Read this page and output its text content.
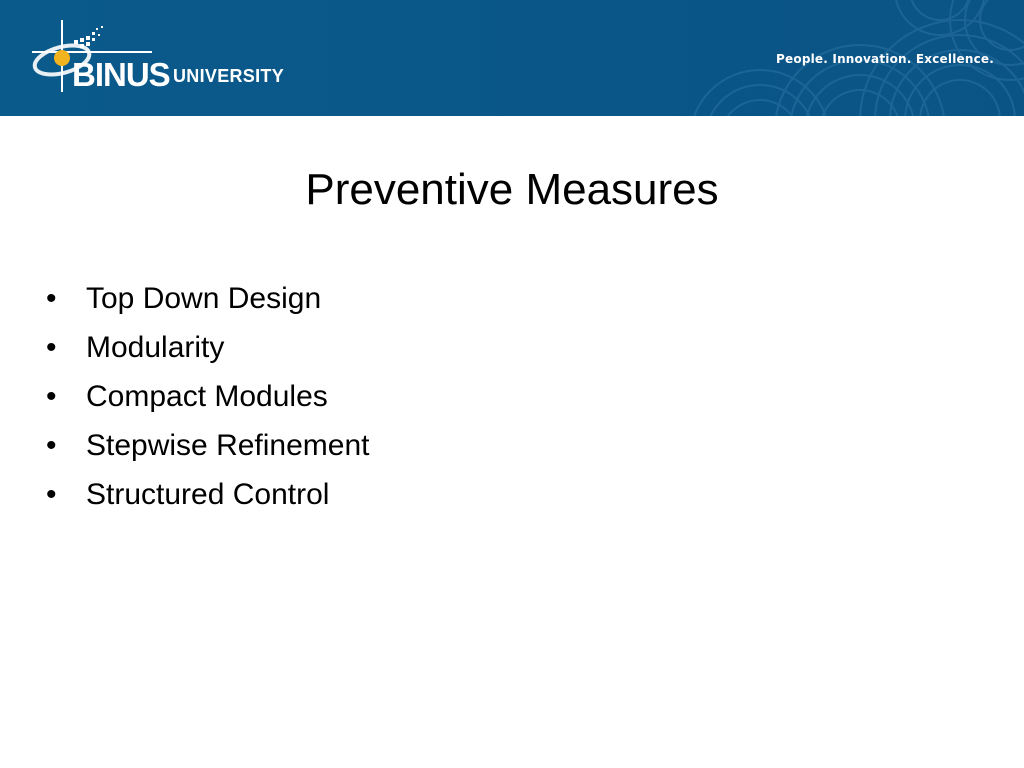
BINUS UNIVERSITY
People. Innovation. Excellence.
Preventive Measures
• Top Down Design
• Modularity
• Compact Modules
• Stepwise Refinement
• Structured Control
